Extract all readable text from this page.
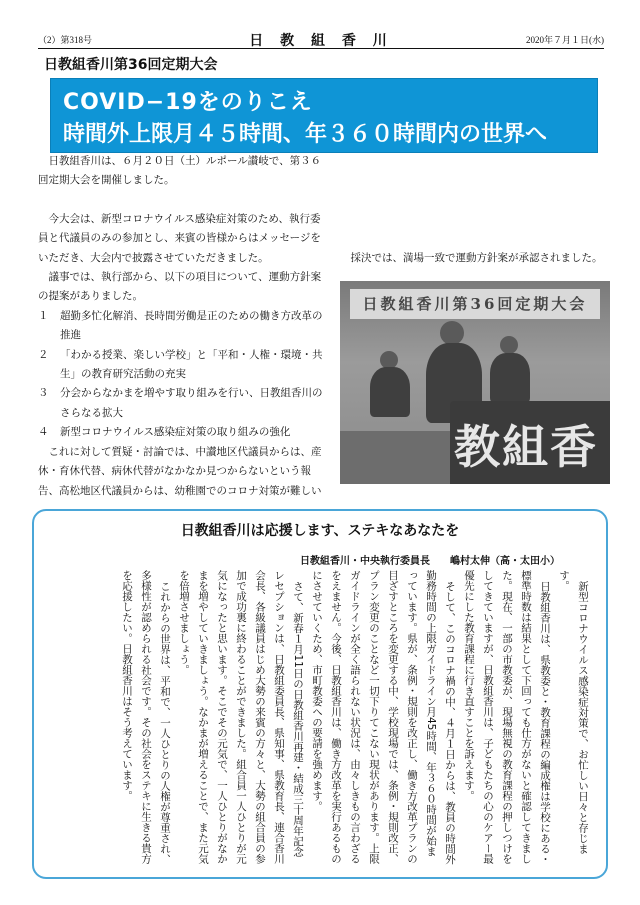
（2）第318号	日 教 組 香 川	2020年７月１日(水)
日教組香川第36回定期大会
COVID−19をのりこえ
時間外上限月４５時間、年３６０時間内の世界へ

日教組香川は、６月２０日（土）ルポール讃岐で、第３６回定期大会を開催しました。

今大会は、新型コロナウイルス感染症対策のため、執行委員と代議員のみの参加とし、来賓の皆様からはメッセージをいただき、大会内で披露させていただきました。

議事では、執行部から、以下の項目について、運動方針案の提案がありました。

１	超勤多忙化解消、長時間労働是正のための働き方改革の推進
２	「わかる授業、楽しい学校」と「平和・人権・環境・共生」の教育研究活動の充実
３	分会からなかまを増やす取り組みを行い、日教組香川のさらなる拡大
４	新型コロナウイルス感染症対策の取り組みの強化

これに対して質疑・討論では、中讃地区代議員からは、産休・育休代替、病休代替がなかなか見つからないという報告、高松地区代議員からは、幼稚園でのコロナ対策が難しい

採決では、満場一致で運動方針案が承認されました。

日教組香川第36回定期大会
教組香
日教組香川は応援します、ステキなあなたを
日教組香川・中央執行委員長　　 嶋村太伸（高・太田小）

新型コロナウイルス感染症対策で、お忙しい日々と存じます。

日教組香川は、県教委と・教育課程の編成権は学校にある・標準時数は結果として下回っても仕方がないと確認してきました。現在、一部の市教委が、現場無視の教育課程の押しつけをしてきていますが、日教組香川は、子どもたちの心のケアー最優先にした教育課程に行き直すことを訴えます。

そして、このコロナ禍の中、４月１日からは、教員の時間外勤務時間の上限ガイドライン月45時間、年３６０時間が始まっています。県が、条例・規則を改正し、働き方改革プランの目ざすところを変更する中、学校現場では、条例・規則改正、プラン変更のことなど一切下りてこない現状があります。上限ガイドラインが全く語られない状況は、由々しきもの言わざるをえません。今後、日教組香川は、働き方改革を実行あるものにさせていくため、市町教委への要請を強めます。

さて、新春１月11日の日教組香川再建・結成三十周年記念レセプションは、日教組委員長、県知事、県教育長、連合香川会長、各級議員はじめ大勢の来賓の方々と、大勢の組合員の参加で成功裏に終わることができました。組合員一人ひとりが元気になったと思います。そこでその元気で、一人ひとりがなかまを増やしていきましょう。なかまが増えることで、また元気を倍増させましょう。

これからの世界は、平和で、一人ひとりの人権が尊重され、多様性が認められる社会です。その社会をステキに生きる貴方を応援したい。日教組香川はそう考えています。
